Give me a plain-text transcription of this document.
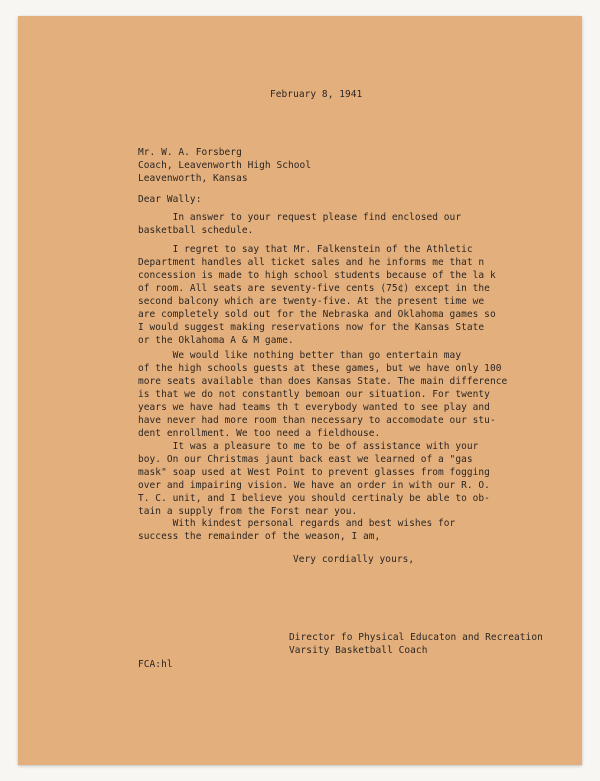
February 8, 1941
Mr. W. A. Forsberg
Coach, Leavenworth High School
Leavenworth, Kansas
Dear Wally:
In answer to your request please find enclosed our
basketball schedule.
I regret to say that Mr. Falkenstein of the Athletic
Department handles all ticket sales and he informs me that n
concession is made to high school students because of the la k
of room. All seats are seventy-five cents (75¢) except in the
second balcony which are twenty-five. At the present time we
are completely sold out for the Nebraska and Oklahoma games so
I would suggest making reservations now for the Kansas State
or the Oklahoma A & M game.
We would like nothing better than go entertain may
of the high schools guests at these games, but we have only 100
more seats available than does Kansas State. The main difference
is that we do not constantly bemoan our situation. For twenty
years we have had teams th t everybody wanted to see play and
have never had more room than necessary to accomodate our stu-
dent enrollment. We too need a fieldhouse.
It was a pleasure to me to be of assistance with your
boy. On our Christmas jaunt back east we learned of a "gas
mask" soap used at West Point to prevent glasses from fogging
over and impairing vision. We have an order in with our R. O.
T. C. unit, and I believe you should certinaly be able to ob-
tain a supply from the Forst near you.
With kindest personal regards and best wishes for
success the remainder of the weason, I am,
Very cordially yours,
Director fo Physical Educaton and Recreation
Varsity Basketball Coach
FCA:hl
